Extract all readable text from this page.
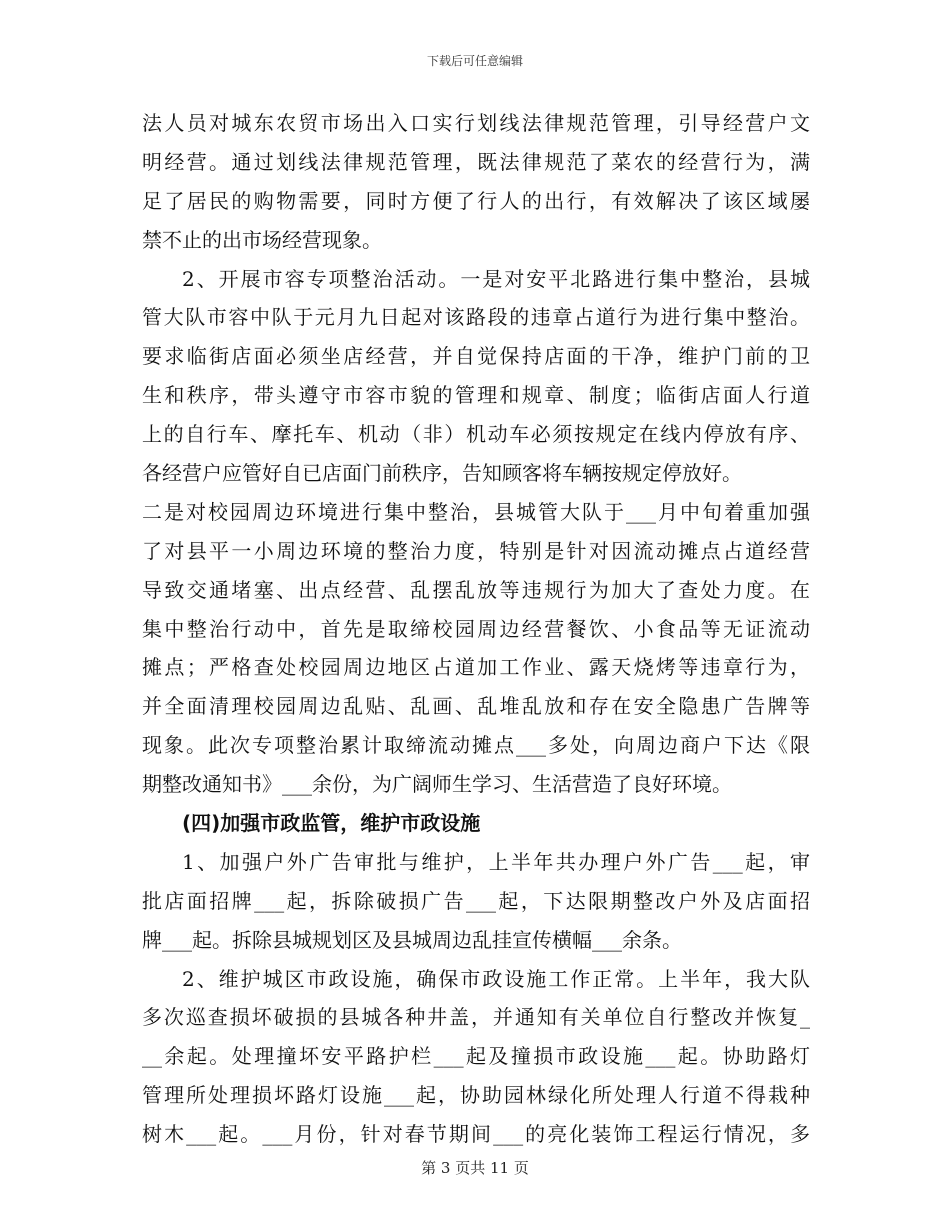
下载后可任意编辑
法人员对城东农贸市场出入口实行划线法律规范管理，引导经营户文
明经营。通过划线法律规范管理，既法律规范了菜农的经营行为，满
足了居民的购物需要，同时方便了行人的出行，有效解决了该区域屡
禁不止的出市场经营现象。
2、开展市容专项整治活动。一是对安平北路进行集中整治，县城
管大队市容中队于元月九日起对该路段的违章占道行为进行集中整治。
要求临街店面必须坐店经营，并自觉保持店面的干净，维护门前的卫
生和秩序，带头遵守市容市貌的管理和规章、制度；临街店面人行道
上的自行车、摩托车、机动（非）机动车必须按规定在线内停放有序、
各经营户应管好自已店面门前秩序，告知顾客将车辆按规定停放好。
二是对校园周边环境进行集中整治，县城管大队于___月中旬着重加强
了对县平一小周边环境的整治力度，特别是针对因流动摊点占道经营
导致交通堵塞、出点经营、乱摆乱放等违规行为加大了查处力度。在
集中整治行动中，首先是取缔校园周边经营餐饮、小食品等无证流动
摊点；严格查处校园周边地区占道加工作业、露天烧烤等违章行为，
并全面清理校园周边乱贴、乱画、乱堆乱放和存在安全隐患广告牌等
现象。此次专项整治累计取缔流动摊点___多处，向周边商户下达《限
期整改通知书》___余份，为广阔师生学习、生活营造了良好环境。
(四)加强市政监管，维护市政设施
1、加强户外广告审批与维护，上半年共办理户外广告___起，审
批店面招牌___起，拆除破损广告___起，下达限期整改户外及店面招
牌___起。拆除县城规划区及县城周边乱挂宣传横幅___余条。
2、维护城区市政设施，确保市政设施工作正常。上半年，我大队
多次巡查损坏破损的县城各种井盖，并通知有关单位自行整改并恢复_
__余起。处理撞坏安平路护栏___起及撞损市政设施___起。协助路灯
管理所处理损坏路灯设施___起，协助园林绿化所处理人行道不得栽种
树木___起。___月份，针对春节期间___的亮化装饰工程运行情况，多
第 3 页共 11 页
